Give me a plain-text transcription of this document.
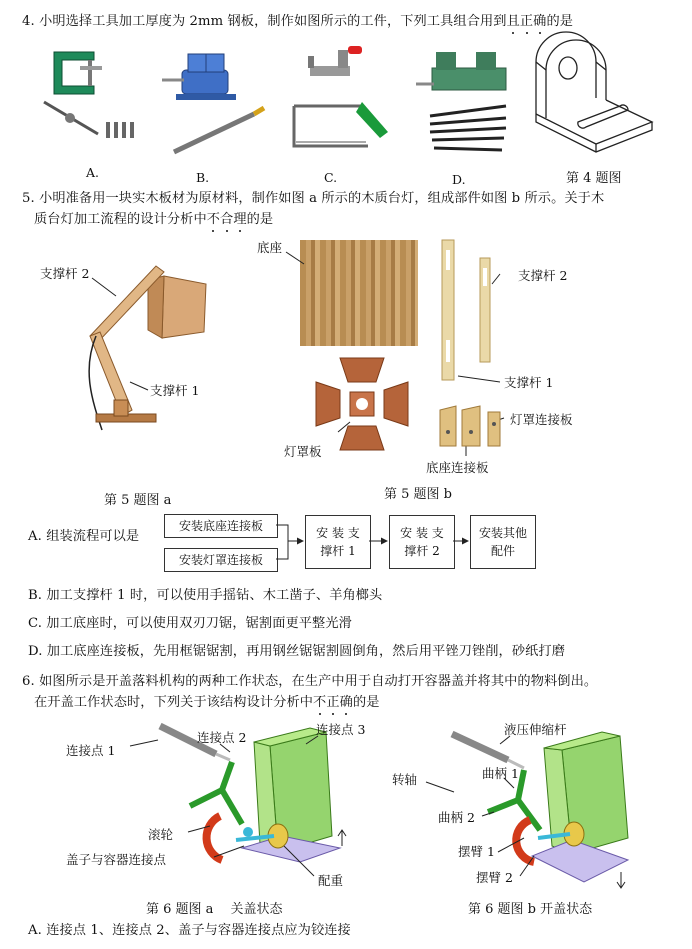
4. 小明选择工具加工厚度为 2mm 钢板，制作如图所示的工件，下列工具组合用到且正确的是
A.	B.	C.	D.	第 4 题图
5. 小明准备用一块实木板材为原材料，制作如图 a 所示的木质台灯，组成部件如图 b 所示。关于木
质台灯加工流程的设计分析中不合理的是
支撑杆 2
支撑杆 1
第 5 题图 a
底座
支撑杆 2
支撑杆 1
灯罩板
灯罩连接板
底座连接板
第 5 题图 b
A. 组装流程可以是
安装底座连接板
安装灯罩连接板
安 装 支
撑杆 1
安 装 支
撑杆 2
安装其他
配件
B. 加工支撑杆 1 时，可以使用手摇钻、木工凿子、羊角榔头
C. 加工底座时，可以使用双刃刀锯，锯割面更平整光滑
D. 加工底座连接板，先用框锯锯割，再用钢丝锯锯割圆倒角，然后用平锉刀锉削，砂纸打磨
6. 如图所示是开盖落料机构的两种工作状态，在生产中用于自动打开容器盖并将其中的物料倒出。
在开盖工作状态时，下列关于该结构设计分析中不正确的是
连接点 1
连接点 2
连接点 3
滚轮
盖子与容器连接点
配重
第 6 题图 a　 关盖状态
液压伸缩杆
转轴	曲柄 1
曲柄 2
摆臂 1
摆臂 2
第 6 题图 b 开盖状态
A. 连接点 1、连接点 2、盖子与容器连接点应为铰连接
